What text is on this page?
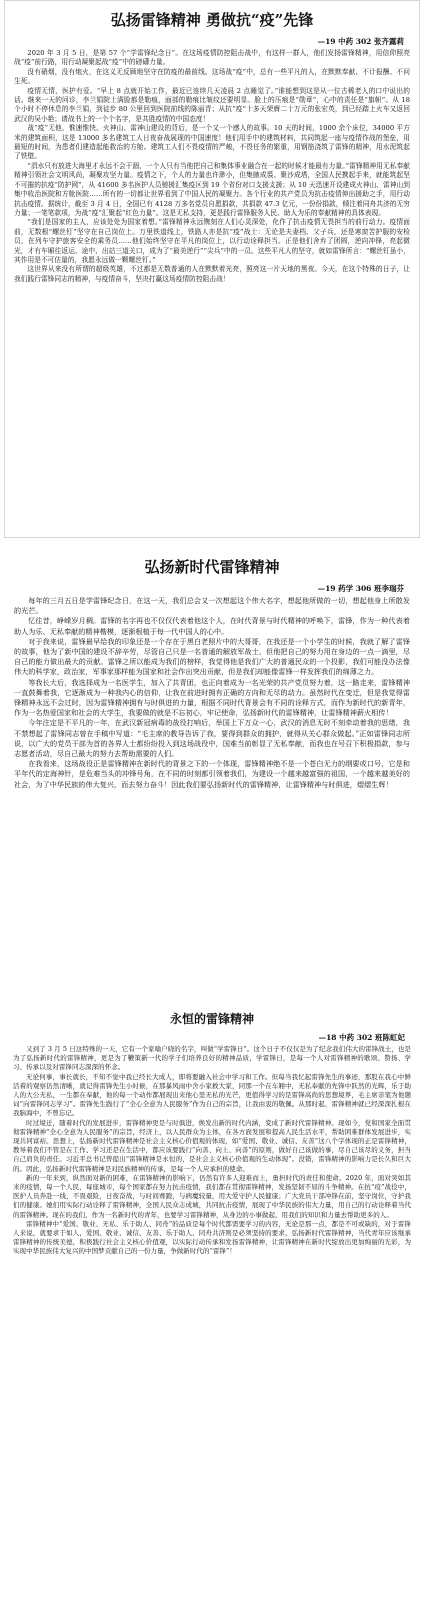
弘扬雷锋精神 勇做抗“疫”先锋
—19 中药 302 张齐露莉

2020 年 3 月 5 日，是第 57 个“学雷锋纪念日”。在这场疫情防控阻击战中，有这样一群人，他们发扬雷锋精神，用信仰照亮战“疫”前行路，用行动凝聚起战“疫”中的磅礴力量。

没有硝烟，没有炮火，在这义无反顾地坚守在防疫的最前线。这场战“疫”中，总有一些平凡的人，在默默奉献、不计报酬、不问生死。

疫情无情，医护有爱。“早上 8 点就开始工作，最近已连续几天凌晨 2 点睡觉了。”谁能想到这是从一位古稀老人的口中说出的话。继来一天的问诊，李兰娟院士满脸都是勒痕，面部的勒痕比皱纹还要明显。脸上的压痕是“勋章”，心中的责任是“旗帜”。从 18 个小时不停休息的李兰娟，到徒步 80 公里回到医院前线的陈丽青；从抗“疫”十多天荣膺二十万元的张宏英，到已经踏上火车又返回武汉的吴小艳；请战书上的一个个名字，是共胜疫情的中国态度！

战“疫”无他，惟速惟快。火神山、雷神山建设的背后，是一个又一个感人的故事。10 天的时间，1000 余个床位，34000 平方米的建筑面积，这是 13000 多名建筑工人日夜奋战展现的中国速度！他们用手中的建筑材料，共同筑起一座与疫情作战的堡垒，用最短的时间，为患者们建造起能救治的方舱。建筑工人们不畏疫情的严峻，不畏任务的繁重，用钢筋浇筑了雷锋的精神，用水泥筑起了铁壁。

“涓水只有放进大海里才永远不会干涸，一个人只有当他把自己和集体事业融合在一起的时候才能最有力量。”雷锋精神用无私奉献精神引领社会文明风尚，凝聚攻坚力量。疫情之下，个人的力量也许渺小，但集腋成裘、聚沙成塔，全国人民携起手来，就能筑起坚不可摧的抗疫“防护网”，从 41600 多名医护人员驰援汇集疫区到 19 个省份对口支援支援；从 10 天迅速开设建成火神山、雷神山到集中收治医院和方舱医院……所有的一切都让世界看到了中国人民的凝聚力。各个行业的共产党员为抗击疫情伸出援助之手，用行动抗击疫情。据统计，截至 3 月 4 日，全国已有 4128 万多名党员自愿捐款，共捐款 47.3 亿元，一份份捐款，倾注着同舟共济的无穷力量；一笔笔款项，为战“疫”汇聚起“红色力量”。这是无私支持，更是践行雷锋服务人民、助人为乐的奉献精神的具体表现。

“我们是国家的主人，应该处处为国家着想。”雷锋精神永远镌刻在人们心灵深处，化作了抗击疫情无畏担当的前行动力。疫情面前，无数根“螺丝钉”坚守在自己岗位上。万里铁道线上，铁路人亦是抗“疫”战士：无论是夫妻档、父子兵，还是寒窗苦护服的安检员，在列车守护旅客安全的乘务员……他们始终坚守在平凡的岗位上，以行动诠释担当。正是他们舍弃了团圆，逆向冲锋，亮起微光，才有车厢往返运、途中、出站三道关口，成为了“最美逆行”“尖兵”中的一员。这些平凡人的坚守，就如雷锋所言：“螺丝钉虽小，其作用是不可估量的，我愿永远做一颗螺丝钉。”

这世界从来没有所谓的超级英雄，不过都是无数普通的人在默默着光亮，照亮这一片天地的黑夜。今天，在这个特殊的日子，让我们践行雷锋同志的精神，与疫情奋斗，坚决打赢这场疫情防控阻击战！

弘扬新时代雷锋精神
—19 药学 306 班李瑞芬

每年的三月五日是学雷锋纪念日，在这一天，我们总会又一次想起这个伟大名字，想起他所做的一切，想起他身上所散发的光芒。

忆往昔，峥嵘岁月稠。雷锋的名字再也不仅仅代表着他这个人，在时代背景与时代精神的呼唤下，雷锋，作为一种代表着助人为乐、无私奉献的精神楷模，逐渐根植于每一代中国人的心中。

对于我来说，雷锋最早给我的印象还是一个存在于黑白老照片中的大哥哥，在我还是一个小学生的时候，我就了解了雷锋的故事，他为了新中国的建设不辞辛劳，尽管自己只是一名普通的解放军战士，但他把自己的努力用在身边的一点一滴里，尽自己的能力做出最大的贡献。雷锋之所以能成为我们的榜样，我觉得他是我们广大的普通民众的一个投影，我们可能没办法像伟大的科学家，政治家，军事家那样能为国家和社会作出突出贡献，但是我们却能像雷锋一样发挥我们的绵薄之力。

等我长大后，我选择成为一名医学生，加入了共青团，也正向着成为一名光荣的共产党员努力着，这一路走来，雷锋精神一直鼓舞着我，它逐渐成为一种我内心的信仰，让我在前进时拥有正确的方向和无尽的动力。虽然时代在变迁，但是我觉得雷锋精神永远不会过时，因为雷锋精神拥有与时俱进的力量，根据不同时代背景会有不同的诠释方式，而作为新时代的新青年，作为一名热爱国家和社会的大学生，我要做的就是不忘初心，牢记使命，弘扬新时代的雷锋精神，让雷锋精神薪火相传！

今年注定是不平凡的一年，在武汉新冠病毒的战役打响后，举国上下万众一心，武汉的消息无时不刻牵动着我的思绪，我不禁想起了雷锋同志曾在手稿中写道：“毛主席的教导告诉了我，要得到群众的拥护，就得从关心群众做起。”正如雷锋同志所说，以广大的党员干部为首的各界人士都纷纷投入到这场战役中，国难当前彰显了无私奉献，而我也在号召下积极捐款，参与志愿者活动，尽自己最大的努力去帮助需要的人们。

在我看来，这场战役正是雷锋精神在新时代的背景之下的一个体现，雷锋精神绝不是一个苍白无力的纲要或口号，它是和平年代的定海神针，是危难当头的冲锋号角，在不同的时刻都引领着我们，为建设一个越来越富强的祖国，一个越来越美好的社会，为了中华民族的伟大复兴，而去努力奋斗！因此我们要弘扬新时代的雷锋精神，让雷锋精神与时俱进，熠熠生辉！

永恒的雷锋精神
—18 中药 302 班陈虹妃

又到了 3 月 5 日这特殊的一天，它有一个家喻户晓的名字，叫做“学雷锋日”。这个日子不仅仅是为了纪念我们伟大的雷锋战士，也是为了弘扬新时代的雷锋精神，更是为了鞭策新一代的学子们培养良好的精神品质，学雷锋日，是每一个人对雷锋精神的歌颂、赞扬、学习、传承以及对雷锋同志深深的怀念。

无论何事，事长就长，不知不觉中我已经长大成人，即将要融入社会中学习和工作。但每当我忆起雷锋先生的事迹，那股在我心中鲜活着的观察仍然清晰，就记得雷锋先生小时候，在那暴风雨中舍小家救大家，同那一个在车厢中，无私奉献的先锋中跃然的光辉，乐于助人的大公无私，一生都在奉献，他的每一个动作都展现出来他心里无私的光芒，更值得学习的是雷锋高尚的思想境界，毛主席亲笔为他题词“向雷锋同志学习”。雷锋先生践行了“全心全意为人民服务”作为自己的宗旨，让我由衷的敬佩。从那时起，雷锋精神就已经深深扎根在我脑海中，不曾忘记。

时过境迁，随着时代的发展进步，雷锋精神更是与时俱进，焕发出新的时代内涵，变成了新时代雷锋精神。现如今，党和国家全面贯彻雷锋精神“全心全意为人民服务”的宗旨，经济上，以人民群众为主体，在各方面发展和提高人民生活水平，帮助困难群体发展进步，实现共同富裕。思想上，弘扬新时代雷锋精神是社会主义核心价值观的体现，如“爱国、敬业、诚信、友善”这八个字体现的正是雷锋精神，教导着我们不管是在工作、学习还是在生活中，都应该要践行“向善、向上、向善”的原则，做好自己该做的事，尽自己该尽的义务，担当自己肩负的责任。习近平总书记曾提出“雷锋精神是永恒的，是社会主义核心价值观的生动体现”。没错，雷锋精神的影响力是长久和巨大的。因此，弘扬新时代雷锋精神是对民族精神的传承，是每一个人应承担的使命。

新的一年来到，纵然面对新的困难，在雷锋精神的影响下，仍然有许多人迎难而上，勇担时代的责任和使命。2020 年，面对突如其来的疫情，每一个人民，每座城市，每个国家都在努力抗击疫情，我们都在贯彻雷锋精神，发扬坚韧不屈的斗争精神。在抗“疫”战役中，医护人员奔赴一线，不畏艰险，日夜奋战，与时间赛跑，与病魔较量，用大爱守护人民健康；广大党员干部冲锋在前，坚守岗位，守护我们的健康。她们用实际行动诠释了雷锋精神，全国人民众志成城，共同抗击疫情，展现了中华民族的伟大力量，用自己的行动诠释着当代的雷锋精神。现在的我们，作为一名新时代的青年，也要学习雷锋精神，从身边的小事做起，用我们的知识和力量去帮助更多的人。

雷锋精神中“爱国、敬业、无私、乐于助人、同舟”的品质是每个时代都需要学习的内容，无论是那一点，都是不可或缺的，对于雷锋人来说，就要求于如人，爱国、敬业、诚信、友善、乐于助人、同舟共济则是必须坚持的要求，弘扬新时代雷锋精神，当代青年应该继承雷锋精神的传统美德，积极践行社会主义核心价值观，以实际行动传承和发扬雷锋精神，让雷锋精神在新时代绽放出更加绚丽的光彩，为实现中华民族伟大复兴的中国梦贡献自己的一份力量，争做新时代的“雷锋”！
